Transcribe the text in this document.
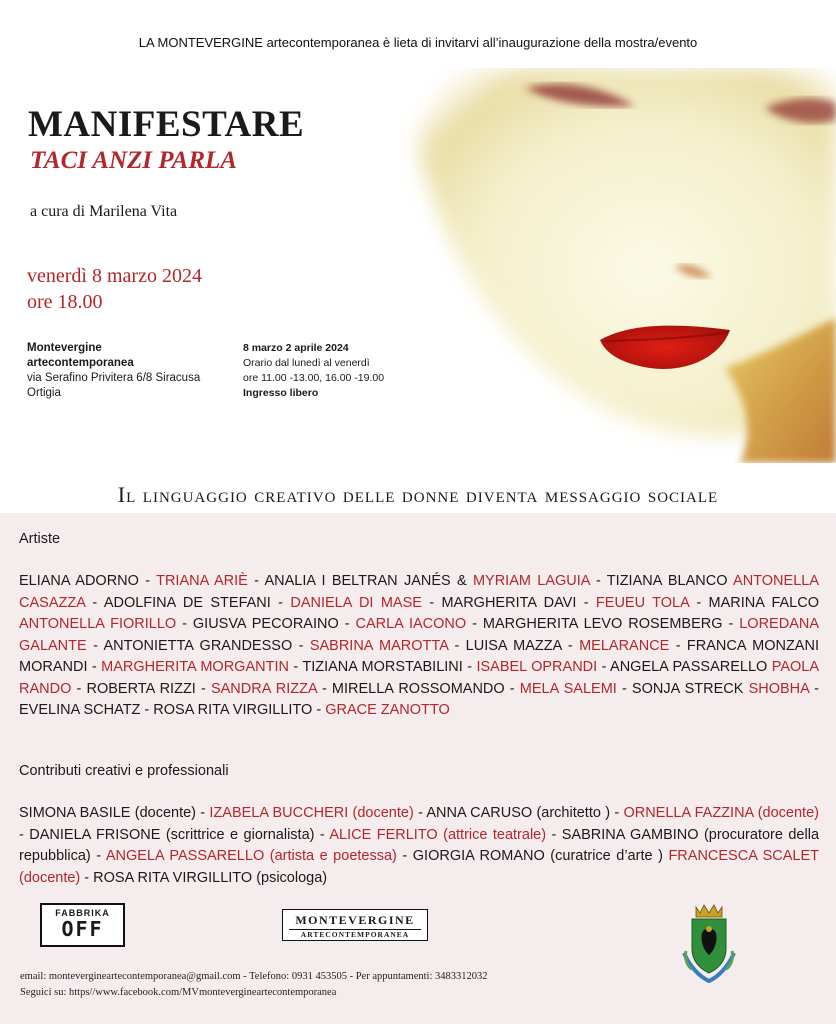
LA MONTEVERGINE artecontemporanea è lieta di invitarvi all’inaugurazione della mostra/evento
MANIFESTARE
TACI ANZI PARLA
a cura di Marilena Vita
venerdì 8 marzo 2024
ore 18.00
Montevergine
artecontemporanea
via Serafino Privitera 6/8 Siracusa
Ortigia
8 marzo 2 aprile 2024
Orario dal lunedì al venerdì
ore 11.00 -13.00, 16.00 -19.00
Ingresso libero
Il linguaggio creativo delle donne diventa messaggio sociale
Artiste
ELIANA ADORNO - TRIANA ARIÈ - ANALIA I BELTRAN JANÉS & MYRIAM LAGUIA - TIZIANA BLANCO ANTONELLA CASAZZA - ADOLFINA DE STEFANI - DANIELA DI MASE - MARGHERITA DAVI - FEUEU TOLA - MARINA FALCO ANTONELLA FIORILLO - GIUSVA PECORAINO - CARLA IACONO - MARGHERITA LEVO ROSEMBERG - LOREDANA GALANTE - ANTONIETTA GRANDESSO - SABRINA MAROTTA - LUISA MAZZA - MELARANCE - FRANCA MONZANI MORANDI - MARGHERITA MORGANTIN - TIZIANA MORSTABILINI - ISABEL OPRANDI - ANGELA PASSARELLO PAOLA RANDO - ROBERTA RIZZI - SANDRA RIZZA - MIRELLA ROSSOMANDO - MELA SALEMI - SONJA STRECK SHOBHA - EVELINA SCHATZ - ROSA RITA VIRGILLITO - GRACE ZANOTTO
Contributi creativi e professionali
SIMONA BASILE (docente) - IZABELA BUCCHERI (docente) - ANNA CARUSO (architetto ) - ORNELLA FAZZINA (docente) - DANIELA FRISONE (scrittrice e giornalista) - ALICE FERLITO (attrice teatrale) - SABRINA GAMBINO (procuratore della repubblica) - ANGELA PASSARELLO (artista e poetessa) - GIORGIA ROMANO (curatrice d’arte ) FRANCESCA SCALET (docente) - ROSA RITA VIRGILLITO (psicologa)
FABBRIKA
OFF	MONTEVERGINE
ARTECONTEMPORANEA
email: montevergineartecontemporanea@gmail.com - Telefono: 0931 453505 - Per appuntamenti: 3483312032
Seguici su: https//www.facebook.com/MVmontevergineartecontemporanea
